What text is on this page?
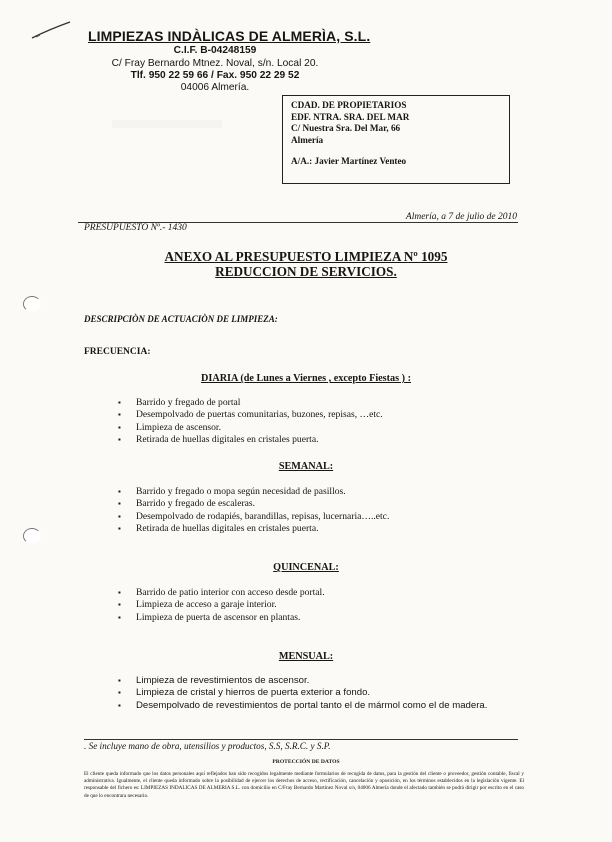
LIMPIEZAS INDÀLICAS DE ALMERÌA, S.L.
C.I.F. B-04248159
C/ Fray Bernardo Mtnez. Noval, s/n. Local 20.
Tlf. 950 22 59 66 / Fax. 950 22 29 52
04006 Almería.
CDAD. DE PROPIETARIOS
EDF. NTRA. SRA. DEL MAR
C/ Nuestra Sra. Del Mar, 66
Almería
A/A.: Javier Martínez Venteo
Almería, a 7 de julio de 2010
PRESUPUESTO Nº.- 1430
ANEXO AL PRESUPUESTO LIMPIEZA Nº 1095
REDUCCION DE SERVICIOS.
DESCRIPCIÒN DE ACTUACIÒN DE LIMPIEZA:
FRECUENCIA:
DIARIA (de Lunes a Viernes , excepto Fiestas ) :
▪ Barrido y fregado de portal
▪ Desempolvado de puertas comunitarias, buzones, repisas, …etc.
▪ Limpieza de ascensor.
▪ Retirada de huellas digitales en cristales puerta.
SEMANAL:
▪ Barrido y fregado o mopa según necesidad de pasillos.
▪ Barrido y fregado de escaleras.
▪ Desempolvado de rodapiés, barandillas, repisas, lucernaria…..etc.
▪ Retirada de huellas digitales en cristales puerta.
QUINCENAL:
▪ Barrido de patio interior con acceso desde portal.
▪ Limpieza de acceso a garaje interior.
▪ Limpieza de puerta de ascensor en plantas.
MENSUAL:
▪ Limpieza de revestimientos de ascensor.
▪ Limpieza de cristal y hierros de puerta exterior a fondo.
▪ Desempolvado de revestimientos de portal tanto el de mármol como el de madera.
. Se incluye mano de obra, utensilios y productos, S.S, S.R.C. y S.P.
PROTECCIÓN DE DATOS
El cliente queda informado que los datos personales aquí reflejados han sido recogidos legalmente mediante formularios de recogida de datos, para la gestión del cliente o proveedor, gestión contable, fiscal y administrativa. Igualmente, el cliente queda informado sobre la posibilidad de ejercer los derechos de acceso, rectificación, cancelación y oposición, en los términos establecidos en la legislación vigente. El responsable del fichero es: LIMPIEZAS INDALICAS DE ALMERIA S.L. con domicilio en C/Fray Bernardo Martínez Noval s/n, 04006 Almería donde el afectado también se podrá dirigir por escrito en el caso de que lo encontrara necesario.
